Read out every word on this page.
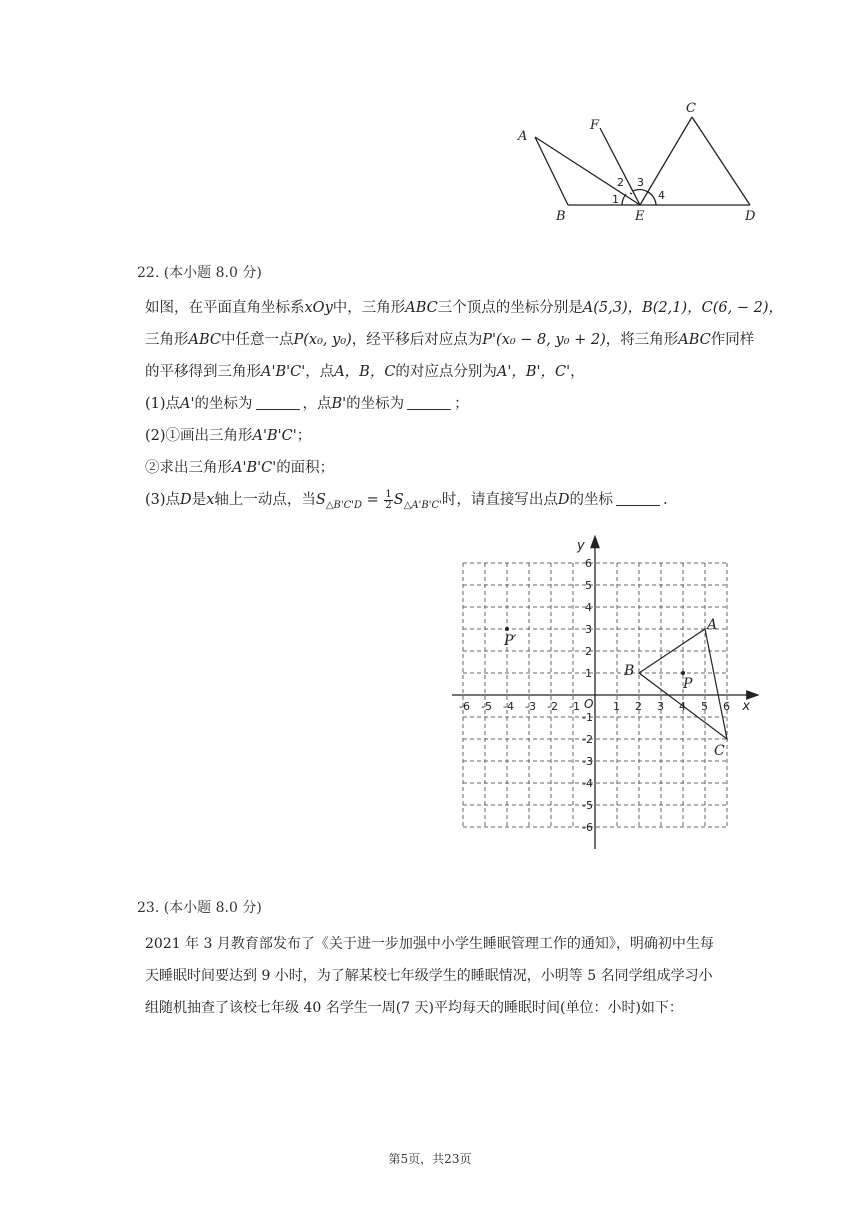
A
B
C
D
E
F
1
2 3
4
22. (本小题 8.0 分)

如图，在平面直角坐标系xOy中，三角形ABC三个顶点的坐标分别是A(5,3)，B(2,1)，C(6, − 2)，

三角形ABC中任意一点P(x₀, y₀)，经平移后对应点为P'(x₀ − 8, y₀ + 2)，将三角形ABC作同样

的平移得到三角形A'B'C'，点A，B，C的对应点分别为A'，B'，C'，

(1)点A'的坐标为	，点B'的坐标为	；

(2)①画出三角形A'B'C'；

②求出三角形A'B'C'的面积；

(3)点D是x轴上一动点，当$S_{\triangle B'C'D} = \frac{1}{2} S_{\triangle A'B'C'}$时，请直接写出点D的坐标	.

-6 -5 -4 -3 -2 -1	1 2 3 4 5 6
6
5
4
3
2
1
-1
-2
-3
-4
-5
-6
x
y
O
A
B
C
P
P′
23. (本小题 8.0 分)

2021 年 3 月教育部发布了《关于进一步加强中小学生睡眠管理工作的通知》，明确初中生每

天睡眠时间要达到 9 小时，为了解某校七年级学生的睡眠情况，小明等 5 名同学组成学习小

组随机抽查了该校七年级 40 名学生一周(7 天)平均每天的睡眠时间(单位：小时)如下：

第5页，共23页
